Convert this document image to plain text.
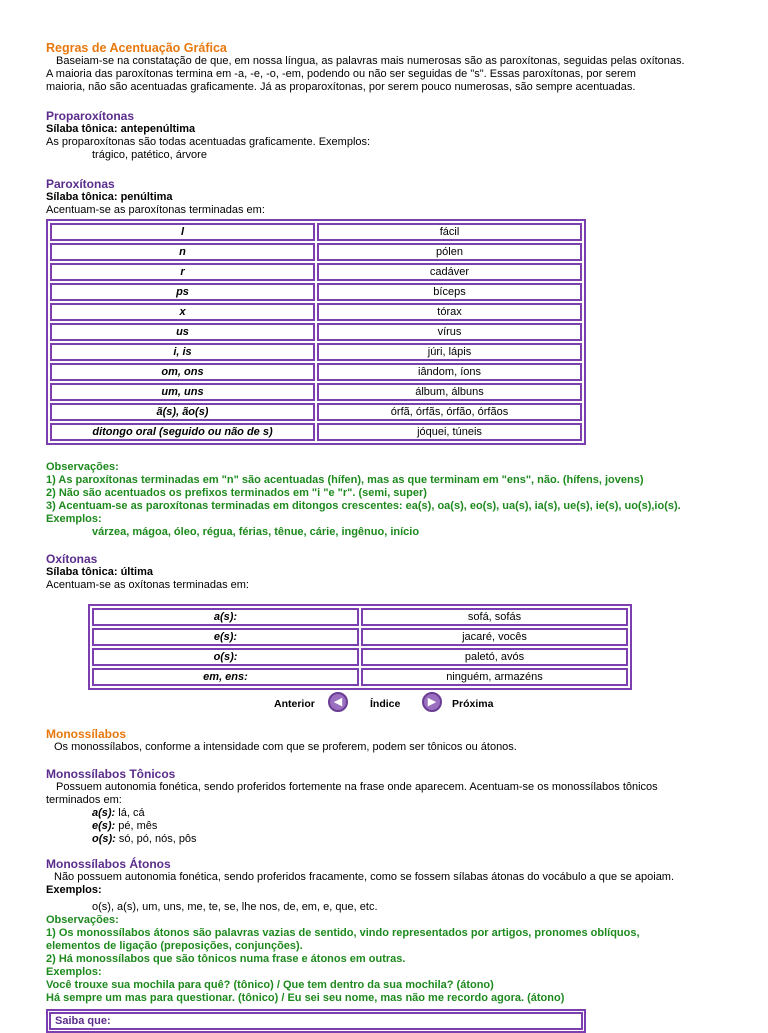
Regras de Acentuação Gráfica

Baseiam-se na constatação de que, em nossa língua, as palavras mais numerosas são as paroxítonas, seguidas pelas oxítonas.

A maioria das paroxítonas termina em -a, -e, -o, -em, podendo ou não ser seguidas de "s". Essas paroxítonas, por serem

maioria, não são acentuadas graficamente. Já as proparoxítonas, por serem pouco numerosas, são sempre acentuadas.

Proparoxítonas

Sílaba tônica: antepenúltima

As proparoxítonas são todas acentuadas graficamente. Exemplos:

trágico, patético, árvore

Paroxítonas

Sílaba tônica: penúltima

Acentuam-se as paroxítonas terminadas em:

l	fácil
n	pólen
r	cadáver
ps	bíceps
x	tórax
us	vírus
i, is	júri, lápis
om, ons	iândom, íons
um, uns	álbum, álbuns
ã(s), ão(s)	órfã, órfãs, órfão, órfãos
ditongo oral (seguido ou não de s)	jóquei, túneis

Observações:

1) As paroxítonas terminadas em "n" são acentuadas (hífen), mas as que terminam em "ens", não. (hífens, jovens)

2) Não são acentuados os prefixos terminados em "i "e "r". (semi, super)

3) Acentuam-se as paroxítonas terminadas em ditongos crescentes: ea(s), oa(s), eo(s), ua(s), ia(s), ue(s), ie(s), uo(s),io(s).

Exemplos:

várzea, mágoa, óleo, régua, férias, tênue, cárie, ingênuo, início

Oxítonas

Sílaba tônica: última

Acentuam-se as oxítonas terminadas em:

a(s):	sofá, sofás
e(s):	jacaré, vocês
o(s):	paletó, avós
em, ens:	ninguém, armazéns
Anterior	◀	Índice	▶	Próxima

Monossílabos

Os monossílabos, conforme a intensidade com que se proferem, podem ser tônicos ou átonos.

Monossílabos Tônicos

Possuem autonomia fonética, sendo proferidos fortemente na frase onde aparecem. Acentuam-se os monossílabos tônicos

terminados em:

a(s): lá, cá

e(s): pé, mês

o(s): só, pó, nós, pôs

Monossílabos Átonos

Não possuem autonomia fonética, sendo proferidos fracamente, como se fossem sílabas átonas do vocábulo a que se apoiam.

Exemplos:

o(s), a(s), um, uns, me, te, se, lhe nos, de, em, e, que, etc.

Observações:

1) Os monossílabos átonos são palavras vazias de sentido, vindo representados por artigos, pronomes oblíquos,

elementos de ligação (preposições, conjunções).

2) Há monossílabos que são tônicos numa frase e átonos em outras.

Exemplos:

Você trouxe sua mochila para quê? (tônico) / Que tem dentro da sua mochila? (átono)

Há sempre um mas para questionar. (tônico) / Eu sei seu nome, mas não me recordo agora. (átono)

Saiba que:
